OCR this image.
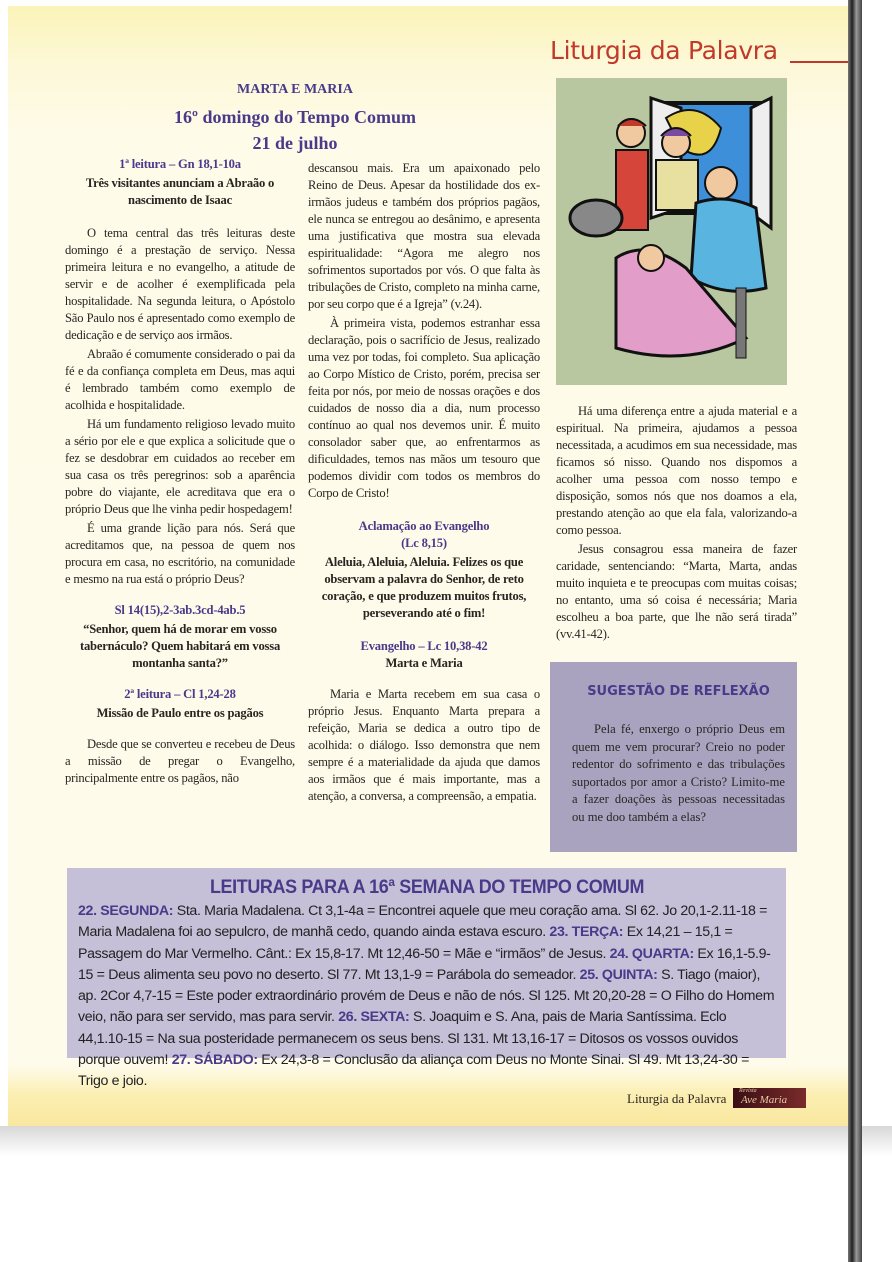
Liturgia da Palavra
MARTA E MARIA
16º domingo do Tempo Comum
21 de julho

1ª leitura – Gn 18,1-10a

Três visitantes anunciam a Abraão o nascimento de Isaac

O tema central das três leituras deste domingo é a prestação de serviço. Nessa primeira leitura e no evangelho, a atitude de servir e de acolher é exemplificada pela hospitalidade. Na segunda leitura, o Apóstolo São Paulo nos é apresentado como exemplo de dedicação e de serviço aos irmãos.

Abraão é comumente considerado o pai da fé e da confiança completa em Deus, mas aqui é lembrado também como exemplo de acolhida e hospitalidade.

Há um fundamento religioso levado muito a sério por ele e que explica a solicitude que o fez se desdobrar em cuidados ao receber em sua casa os três peregrinos: sob a aparência pobre do viajante, ele acreditava que era o próprio Deus que lhe vinha pedir hospedagem!

É uma grande lição para nós. Será que acreditamos que, na pessoa de quem nos procura em casa, no escritório, na comunidade e mesmo na rua está o próprio Deus?

Sl 14(15),2-3ab.3cd-4ab.5

“Senhor, quem há de morar em vosso tabernáculo? Quem habitará em vossa montanha santa?”

2ª leitura – Cl 1,24-28

Missão de Paulo entre os pagãos

Desde que se converteu e recebeu de Deus a missão de pregar o Evangelho, principalmente entre os pagãos, não

descansou mais. Era um apaixonado pelo Reino de Deus. Apesar da hostilidade dos ex-irmãos judeus e também dos próprios pagãos, ele nunca se entregou ao desânimo, e apresenta uma justificativa que mostra sua elevada espiritualidade: “Agora me alegro nos sofrimentos suportados por vós. O que falta às tribulações de Cristo, completo na minha carne, por seu corpo que é a Igreja” (v.24).

À primeira vista, podemos estranhar essa declaração, pois o sacrifício de Jesus, realizado uma vez por todas, foi completo. Sua aplicação ao Corpo Místico de Cristo, porém, precisa ser feita por nós, por meio de nossas orações e dos cuidados de nosso dia a dia, num processo contínuo ao qual nos devemos unir. É muito consolador saber que, ao enfrentarmos as dificuldades, temos nas mãos um tesouro que podemos dividir com todos os membros do Corpo de Cristo!

Aclamação ao Evangelho

(Lc 8,15)

Aleluia, Aleluia, Aleluia. Felizes os que observam a palavra do Senhor, de reto coração, e que produzem muitos frutos, perseverando até o fim!

Evangelho – Lc 10,38-42

Marta e Maria

Maria e Marta recebem em sua casa o próprio Jesus. Enquanto Marta prepara a refeição, Maria se dedica a outro tipo de acolhida: o diálogo. Isso demonstra que nem sempre é a materialidade da ajuda que damos aos irmãos que é mais importante, mas a atenção, a conversa, a compreensão, a empatia.

Há uma diferença entre a ajuda material e a espiritual. Na primeira, ajudamos a pessoa necessitada, a acudimos em sua necessidade, mas ficamos só nisso. Quando nos dispomos a acolher uma pessoa com nosso tempo e disposição, somos nós que nos doamos a ela, prestando atenção ao que ela fala, valorizando-a como pessoa.

Jesus consagrou essa maneira de fazer caridade, sentenciando: “Marta, Marta, andas muito inquieta e te preocupas com muitas coisas; no entanto, uma só coisa é necessária; Maria escolheu a boa parte, que lhe não será tirada” (vv.41-42).

SUGESTÃO DE REFLEXÃO

Pela fé, enxergo o próprio Deus em quem me vem procurar? Creio no poder redentor do sofrimento e das tribulações suportados por amor a Cristo? Limito-me a fazer doações às pessoas necessitadas ou me doo também a elas?

LEITURAS PARA A 16ª SEMANA DO TEMPO COMUM
22. SEGUNDA: Sta. Maria Madalena. Ct 3,1-4a = Encontrei aquele que meu coração ama. Sl 62. Jo 20,1-2.11-18 = Maria Madalena foi ao sepulcro, de manhã cedo, quando ainda estava escuro. 23. TERÇA: Ex 14,21 – 15,1 = Passagem do Mar Vermelho. Cânt.: Ex 15,8-17. Mt 12,46-50 = Mãe e “irmãos” de Jesus. 24. QUARTA: Ex 16,1-5.9-15 = Deus alimenta seu povo no deserto. Sl 77. Mt 13,1-9 = Parábola do semeador. 25. QUINTA: S. Tiago (maior), ap. 2Cor 4,7-15 = Este poder extraordinário provém de Deus e não de nós. Sl 125. Mt 20,20-28 = O Filho do Homem veio, não para ser servido, mas para servir. 26. SEXTA: S. Joaquim e S. Ana, pais de Maria Santíssima. Eclo 44,1.10-15 = Na sua posteridade permanecem os seus bens. Sl 131. Mt 13,16-17 = Ditosos os vossos ouvidos porque ouvem! 27. SÁBADO: Ex 24,3-8 = Conclusão da aliança com Deus no Monte Sinai. Sl 49. Mt 13,24-30 = Trigo e joio.
Liturgia da Palavra Revista
Ave Maria
